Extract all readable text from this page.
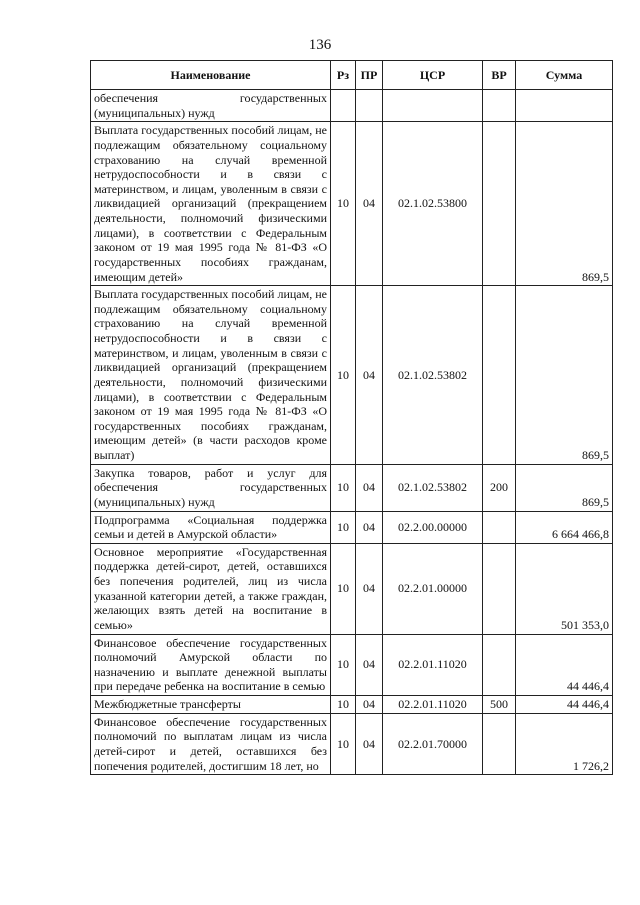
136
Наименование	Рз	ПР	ЦСР	ВР	Сумма
обеспечения государственных (муниципальных) нужд					
Выплата государственных пособий лицам, не подлежащим обязательному социальному страхованию на случай временной нетрудоспособности и в связи с материнством, и лицам, уволенным в связи с ликвидацией организаций (прекращением деятельности, полномочий физическими лицами), в соответствии с Федеральным законом от 19 мая 1995 года № 81-ФЗ «О государственных пособиях гражданам, имеющим детей»	10	04	02.1.02.53800		869,5
Выплата государственных пособий лицам, не подлежащим обязательному социальному страхованию на случай временной нетрудоспособности и в связи с материнством, и лицам, уволенным в связи с ликвидацией организаций (прекращением деятельности, полномочий физическими лицами), в соответствии с Федеральным законом от 19 мая 1995 года № 81-ФЗ «О государственных пособиях гражданам, имеющим детей» (в части расходов кроме выплат)	10	04	02.1.02.53802		869,5
Закупка товаров, работ и услуг для обеспечения государственных (муниципальных) нужд	10	04	02.1.02.53802	200	869,5
Подпрограмма «Социальная поддержка семьи и детей в Амурской области»	10	04	02.2.00.00000		6 664 466,8
Основное мероприятие «Государственная поддержка детей-сирот, детей, оставшихся без попечения родителей, лиц из числа указанной категории детей, а также граждан, желающих взять детей на воспитание в семью»	10	04	02.2.01.00000		501 353,0
Финансовое обеспечение государственных полномочий Амурской области по назначению и выплате денежной выплаты при передаче ребенка на воспитание в семью	10	04	02.2.01.11020		44 446,4
Межбюджетные трансферты	10	04	02.2.01.11020	500	44 446,4
Финансовое обеспечение государственных полномочий по выплатам лицам из числа детей-сирот и детей, оставшихся без попечения родителей, достигшим 18 лет, но	10	04	02.2.01.70000		1 726,2
